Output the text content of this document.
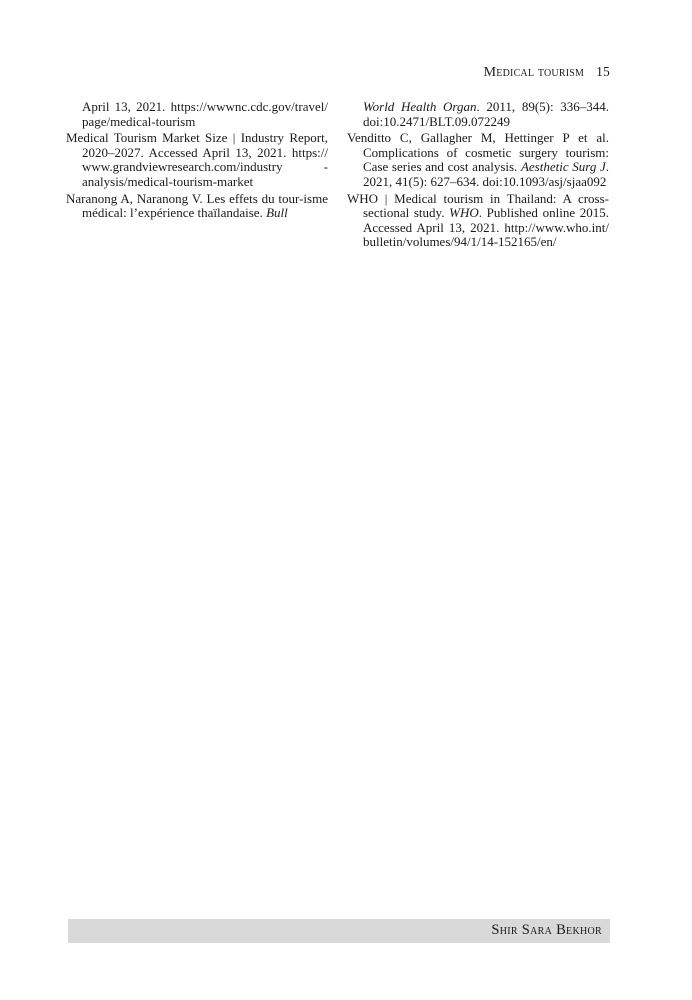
Medical tourism 15

April 13, 2021. https://wwwnc.cdc.gov/travel/ page/medical-tourism

Medical Tourism Market Size | Industry Report, 2020–2027. Accessed April 13, 2021. https:// www.grandviewresearch.com/industry -analysis/medical-tourism-market

Naranong A, Naranong V. Les effets du tour-isme médical: l’expérience thaïlandaise. Bull

World Health Organ. 2011, 89(5): 336–344. doi:10.2471/BLT.09.072249

Venditto C, Gallagher M, Hettinger P et al. Complications of cosmetic surgery tourism: Case series and cost analysis. Aesthetic Surg J. 2021, 41(5): 627–634. doi:10.1093/asj/sjaa092

WHO | Medical tourism in Thailand: A cross-sectional study. WHO. Published online 2015. Accessed April 13, 2021. http://www.who.int/ bulletin/volumes/94/1/14-152165/en/

Shir Sara Bekhor
